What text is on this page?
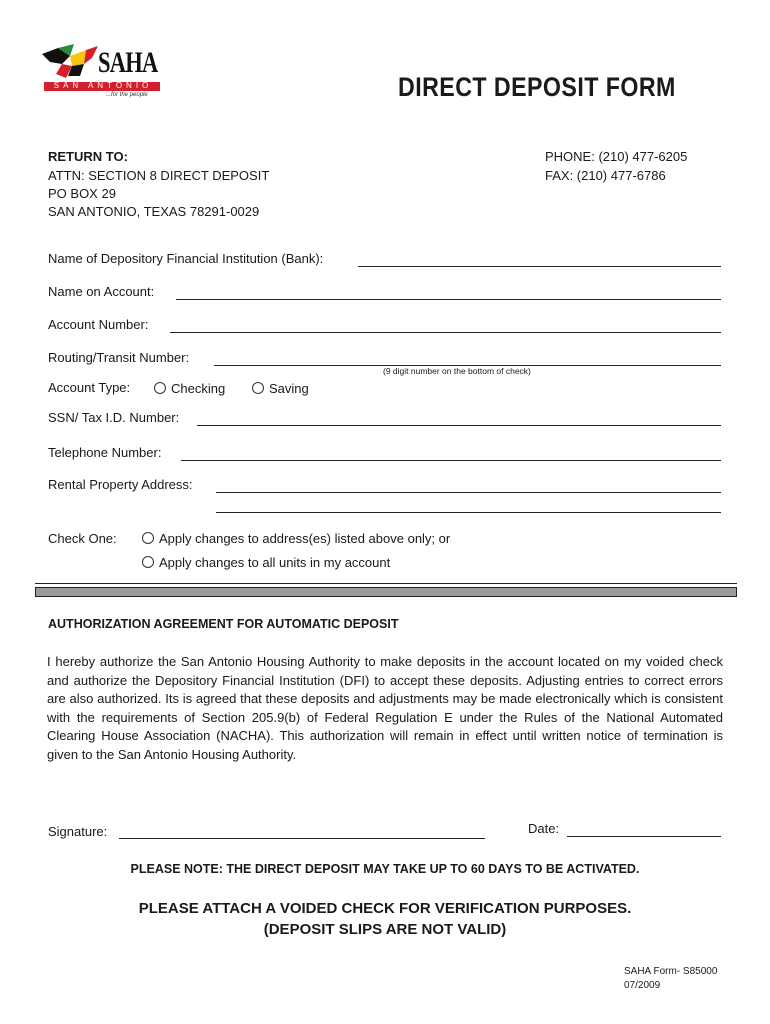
SAHA
SAN ANTONIO
...for the people	DIRECT DEPOSIT FORM
RETURN TO:
ATTN: SECTION 8 DIRECT DEPOSIT
PO BOX 29
SAN ANTONIO, TEXAS 78291-0029
PHONE: (210) 477-6205
FAX: (210) 477-6786
Name of Depository Financial Institution (Bank):
Name on Account:
Account Number:
Routing/Transit Number:
(9 digit number on the bottom of check)
Account Type:	Checking	Saving
SSN/ Tax I.D. Number:
Telephone Number:
Rental Property Address:
Check One:	Apply changes to address(es) listed above only; or
Apply changes to all units in my account
AUTHORIZATION AGREEMENT FOR AUTOMATIC DEPOSIT
I hereby authorize the San Antonio Housing Authority to make deposits in the account located on my voided check and authorize the Depository Financial Institution (DFI) to accept these deposits. Adjusting entries to correct errors are also authorized. Its is agreed that these deposits and adjustments may be made electronically which is consistent with the requirements of Section 205.9(b) of Federal Regulation E under the Rules of the National Automated Clearing House Association (NACHA). This authorization will remain in effect until written notice of termination is given to the San Antonio Housing Authority.
Signature:	Date:
PLEASE NOTE: THE DIRECT DEPOSIT MAY TAKE UP TO 60 DAYS TO BE ACTIVATED.
PLEASE ATTACH A VOIDED CHECK FOR VERIFICATION PURPOSES.
(DEPOSIT SLIPS ARE NOT VALID)
SAHA Form- S85000
07/2009
